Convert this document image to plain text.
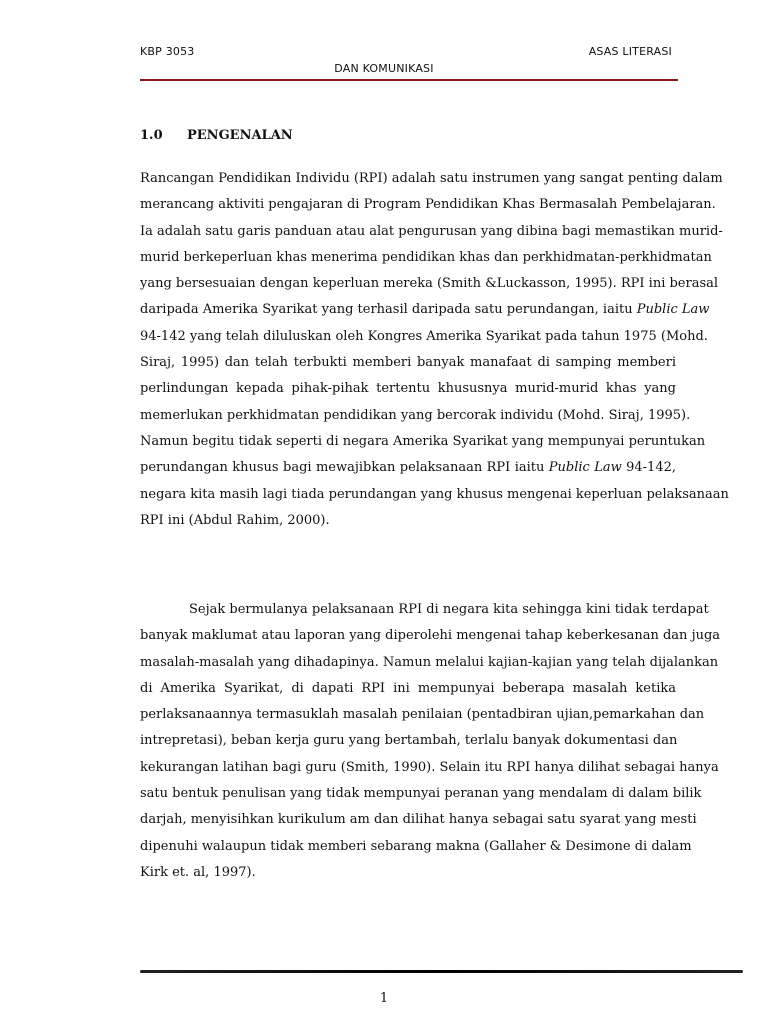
KBP 3053	ASAS LITERASI
DAN KOMUNIKASI
1.0 PENGENALAN
Rancangan Pendidikan Individu (RPI) adalah satu instrumen yang sangat penting dalam
merancang aktiviti pengajaran di Program Pendidikan Khas Bermasalah Pembelajaran.
Ia adalah satu garis panduan atau alat pengurusan yang dibina bagi memastikan murid-
murid berkeperluan khas menerima pendidikan khas dan perkhidmatan-perkhidmatan
yang bersesuaian dengan keperluan mereka (Smith &Luckasson, 1995). RPI ini berasal
daripada Amerika Syarikat yang terhasil daripada satu perundangan, iaitu Public Law
94-142 yang telah diluluskan oleh Kongres Amerika Syarikat pada tahun 1975 (Mohd.
Siraj, 1995) dan telah terbukti memberi banyak manafaat di samping memberi
perlindungan kepada pihak-pihak tertentu khususnya murid-murid khas yang
memerlukan perkhidmatan pendidikan yang bercorak individu (Mohd. Siraj, 1995).
Namun begitu tidak seperti di negara Amerika Syarikat yang mempunyai peruntukan
perundangan khusus bagi mewajibkan pelaksanaan RPI iaitu Public Law 94-142,
negara kita masih lagi tiada perundangan yang khusus mengenai keperluan pelaksanaan
RPI ini (Abdul Rahim, 2000).
Sejak bermulanya pelaksanaan RPI di negara kita sehingga kini tidak terdapat
banyak maklumat atau laporan yang diperolehi mengenai tahap keberkesanan dan juga
masalah-masalah yang dihadapinya. Namun melalui kajian-kajian yang telah dijalankan
di Amerika Syarikat, di dapati RPI ini mempunyai beberapa masalah ketika
perlaksanaannya termasuklah masalah penilaian (pentadbiran ujian,pemarkahan dan
intrepretasi), beban kerja guru yang bertambah, terlalu banyak dokumentasi dan
kekurangan latihan bagi guru (Smith, 1990). Selain itu RPI hanya dilihat sebagai hanya
satu bentuk penulisan yang tidak mempunyai peranan yang mendalam di dalam bilik
darjah, menyisihkan kurikulum am dan dilihat hanya sebagai satu syarat yang mesti
dipenuhi walaupun tidak memberi sebarang makna (Gallaher & Desimone di dalam
Kirk et. al, 1997).
1
